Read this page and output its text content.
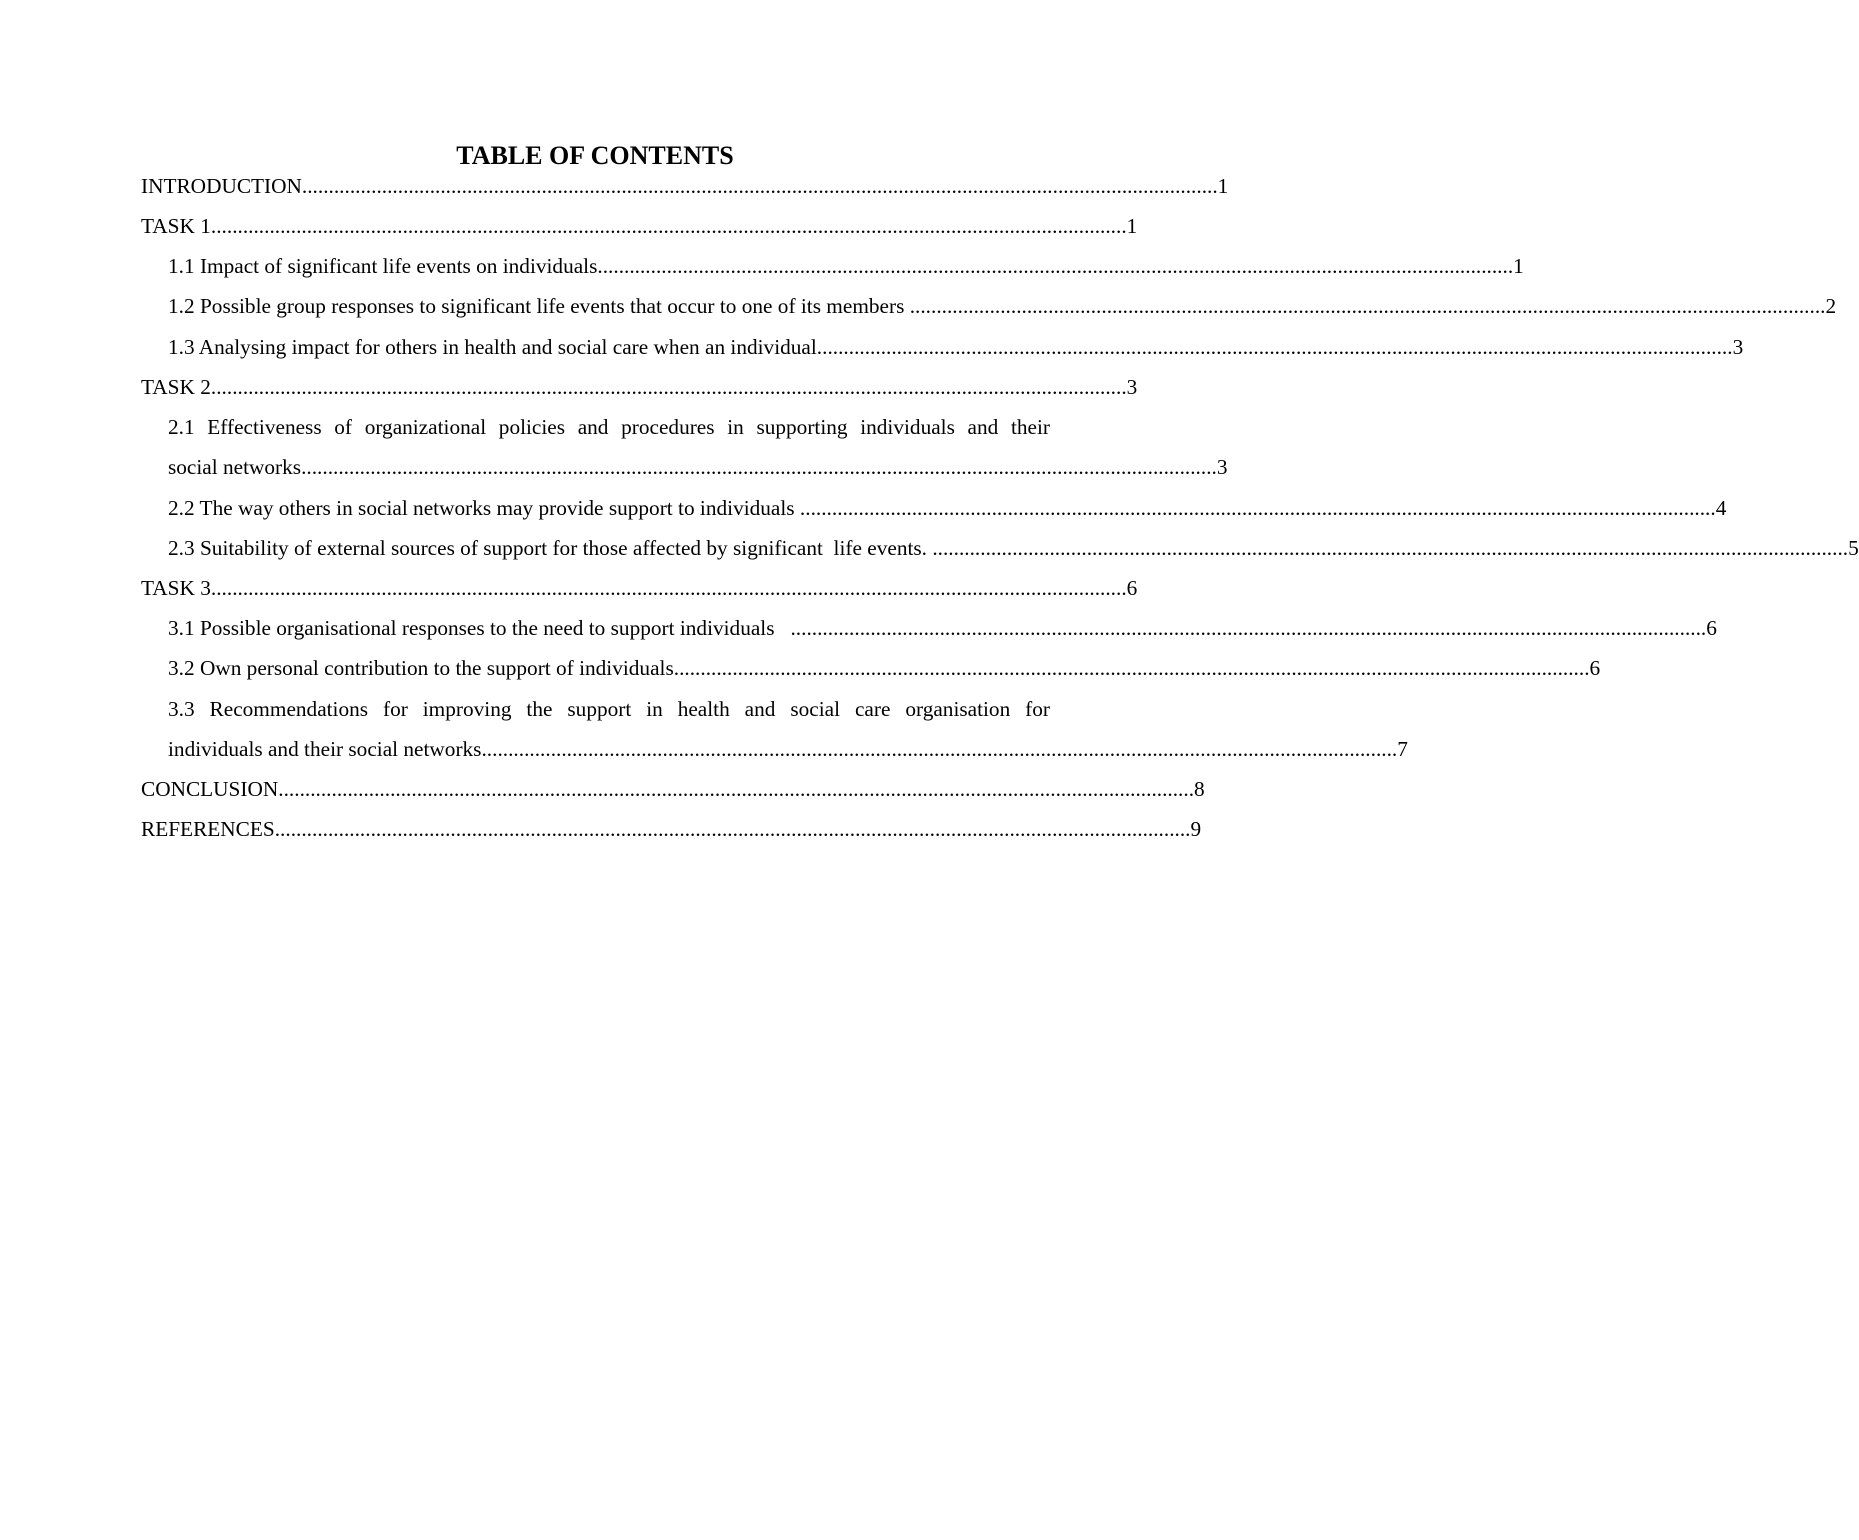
TABLE OF CONTENTS
INTRODUCTION ............................................................................................................................................................................ 1
TASK 1 ............................................................................................................................................................................ 1
1.1 Impact of significant life events on individuals ............................................................................................................................................................................ 1
1.2 Possible group responses to significant life events that occur to one of its members ............................................................................................................................................................................ 2
1.3 Analysing impact for others in health and social care when an individual ............................................................................................................................................................................ 3
TASK 2 ............................................................................................................................................................................ 3
2.1 Effectiveness of organizational policies and procedures in supporting individuals and their
social networks ............................................................................................................................................................................ 3
2.2 The way others in social networks may provide support to individuals ............................................................................................................................................................................ 4
2.3 Suitability of external sources of support for those affected by significant  life events. ............................................................................................................................................................................ 5
TASK 3 ............................................................................................................................................................................ 6
3.1 Possible organisational responses to the need to support individuals ............................................................................................................................................................................ 6
3.2 Own personal contribution to the support of individuals ............................................................................................................................................................................ 6
3.3 Recommendations for improving the support in health and social care organisation for
individuals and their social networks ............................................................................................................................................................................ 7
CONCLUSION ............................................................................................................................................................................ 8
REFERENCES ............................................................................................................................................................................ 9
